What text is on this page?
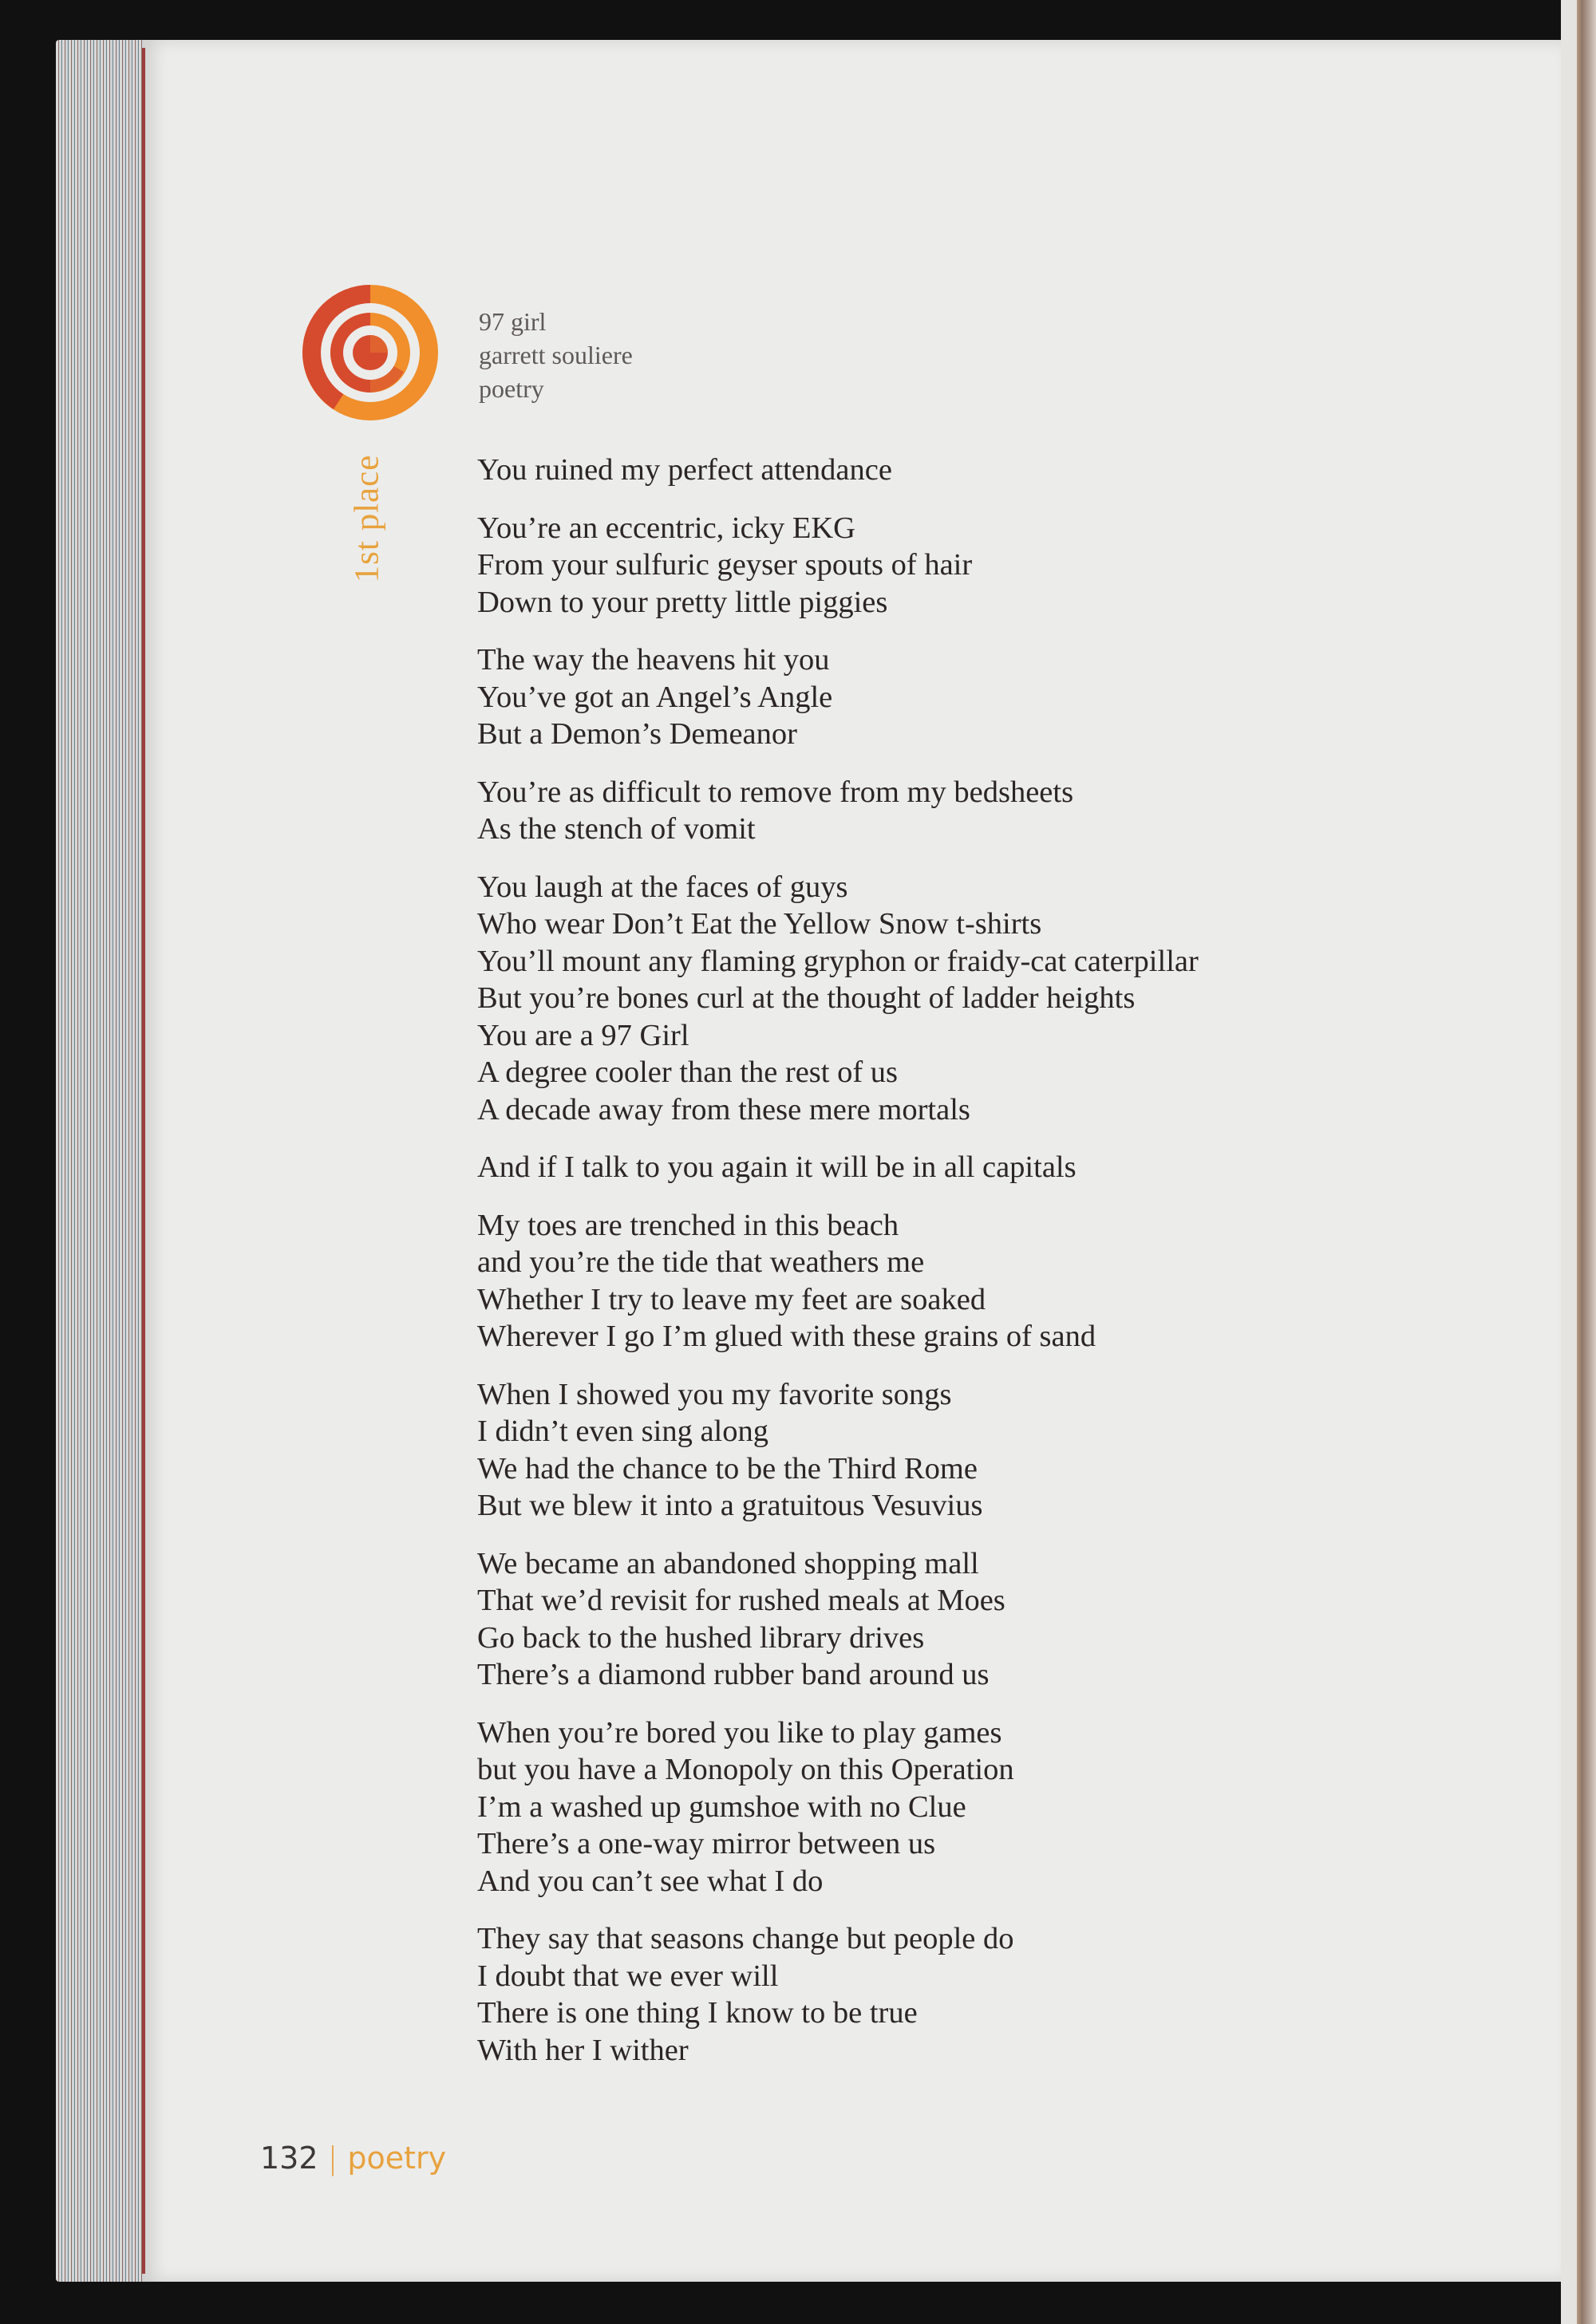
1st place
97 girl
garrett souliere
poetry
You ruined my perfect attendance
You’re an eccentric, icky EKG
From your sulfuric geyser spouts of hair
Down to your pretty little piggies
The way the heavens hit you
You’ve got an Angel’s Angle
But a Demon’s Demeanor
You’re as difficult to remove from my bedsheets
As the stench of vomit
You laugh at the faces of guys
Who wear Don’t Eat the Yellow Snow t-shirts
You’ll mount any flaming gryphon or fraidy-cat caterpillar
But you’re bones curl at the thought of ladder heights
You are a 97 Girl
A degree cooler than the rest of us
A decade away from these mere mortals
And if I talk to you again it will be in all capitals
My toes are trenched in this beach
and you’re the tide that weathers me
Whether I try to leave my feet are soaked
Wherever I go I’m glued with these grains of sand
When I showed you my favorite songs
I didn’t even sing along
We had the chance to be the Third Rome
But we blew it into a gratuitous Vesuvius
We became an abandoned shopping mall
That we’d revisit for rushed meals at Moes
Go back to the hushed library drives
There’s a diamond rubber band around us
When you’re bored you like to play games
but you have a Monopoly on this Operation
I’m a washed up gumshoe with no Clue
There’s a one-way mirror between us
And you can’t see what I do
They say that seasons change but people do
I doubt that we ever will
There is one thing I know to be true
With her I wither
132 | poetry
